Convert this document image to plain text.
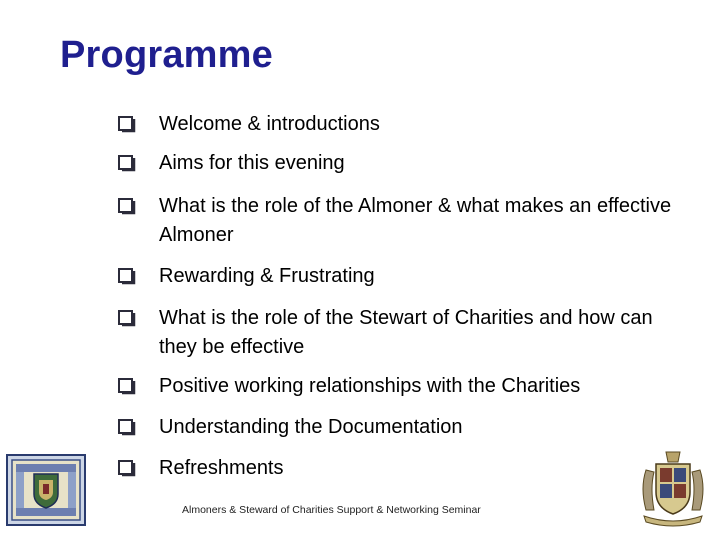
Programme
Welcome & introductions
Aims for this evening
What is the role of the Almoner & what makes an effective Almoner
Rewarding & Frustrating
What is the role of the Stewart of Charities and how can they be effective
Positive working relationships with the Charities
Understanding the Documentation
Refreshments
Almoners & Steward of Charities Support & Networking Seminar
